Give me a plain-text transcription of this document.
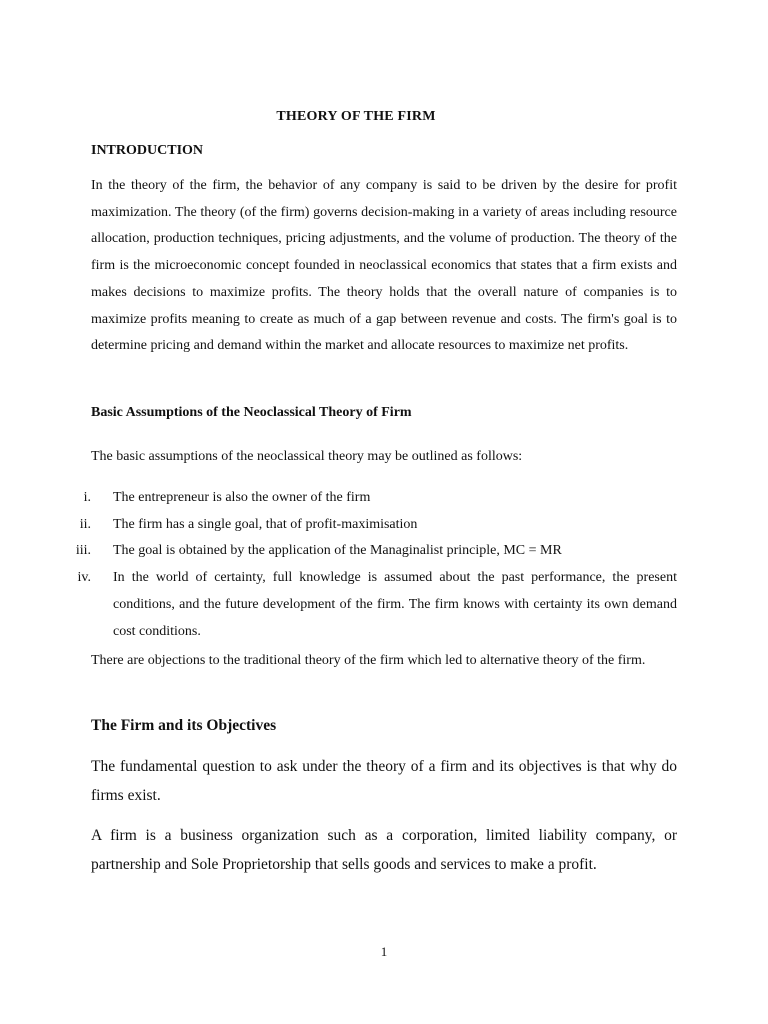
THEORY OF THE FIRM
INTRODUCTION

In the theory of the firm, the behavior of any company is said to be driven by the desire for profit maximization. The theory (of the firm) governs decision-making in a variety of areas including resource allocation, production techniques, pricing adjustments, and the volume of production. The theory of the firm is the microeconomic concept founded in neoclassical economics that states that a firm exists and makes decisions to maximize profits. The theory holds that the overall nature of companies is to maximize profits meaning to create as much of a gap between revenue and costs. The firm's goal is to determine pricing and demand within the market and allocate resources to maximize net profits.

Basic Assumptions of the Neoclassical Theory of Firm

The basic assumptions of the neoclassical theory may be outlined as follows:

i. The entrepreneur is also the owner of the firm
ii. The firm has a single goal, that of profit-maximisation
iii. The goal is obtained by the application of the Managinalist principle, MC = MR
iv. In the world of certainty, full knowledge is assumed about the past performance, the present conditions, and the future development of the firm. The firm knows with certainty its own demand cost conditions.

There are objections to the traditional theory of the firm which led to alternative theory of the firm.

The Firm and its Objectives

The fundamental question to ask under the theory of a firm and its objectives is that why do firms exist.

A firm is a business organization such as a corporation, limited liability company, or partnership and Sole Proprietorship that sells goods and services to make a profit.

1
